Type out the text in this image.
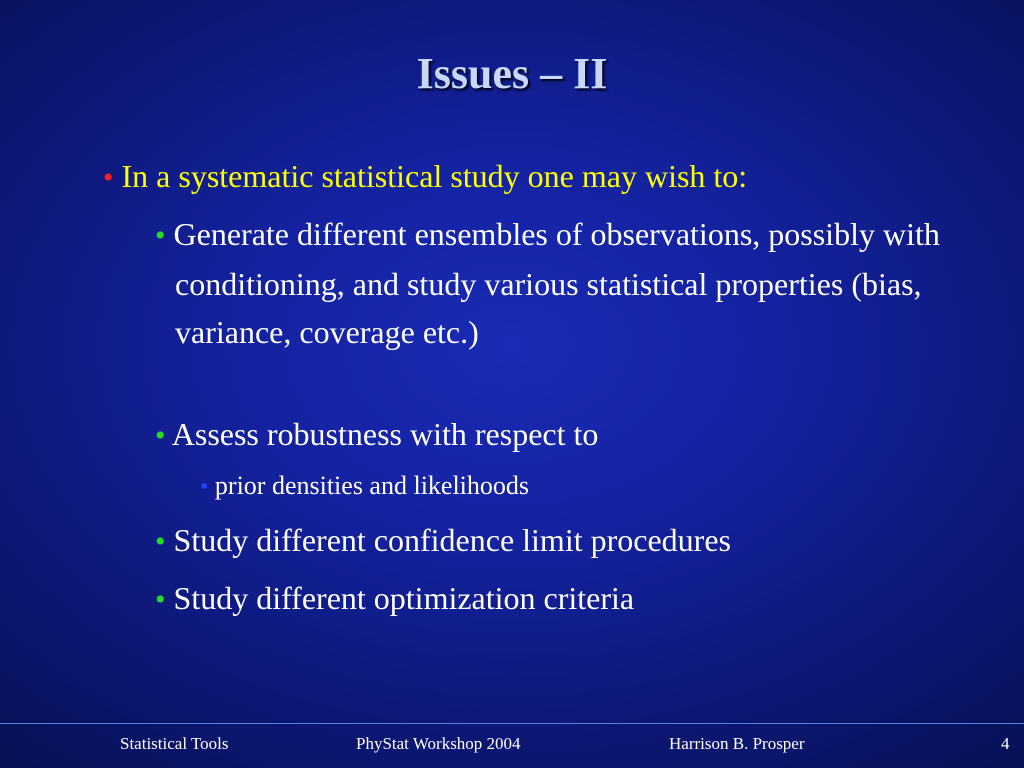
Issues – II
• In a systematic statistical study one may wish to:
• Generate different ensembles of observations, possibly with conditioning, and study various statistical properties (bias, variance, coverage etc.)
• Assess robustness with respect to
• prior densities and likelihoods
• Study different confidence limit procedures
• Study different optimization criteria
Statistical Tools	PhyStat Workshop 2004	Harrison B. Prosper	4
